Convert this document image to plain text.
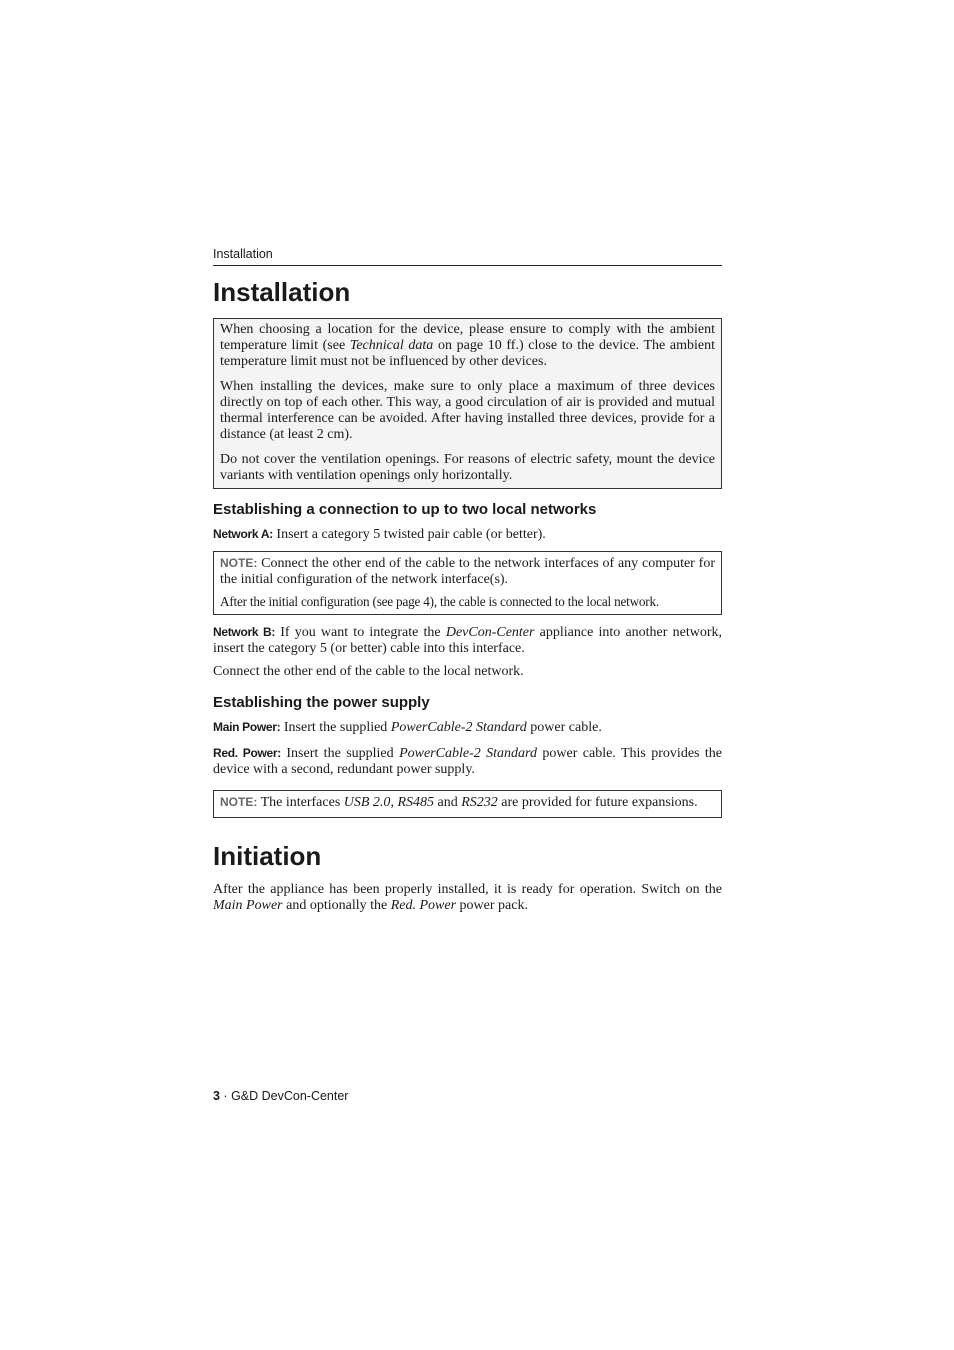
Installation
Installation

When choosing a location for the device, please ensure to comply with the ambient temperature limit (see Technical data on page 10 ff.) close to the device. The ambient temperature limit must not be influenced by other devices.

When installing the devices, make sure to only place a maximum of three devices directly on top of each other. This way, a good circulation of air is provided and mutual thermal interference can be avoided. After having installed three devices, provide for a distance (at least 2 cm).

Do not cover the ventilation openings. For reasons of electric safety, mount the device variants with ventilation openings only horizontally.

Establishing a connection to up to two local networks

Network A: Insert a category 5 twisted pair cable (or better).

NOTE: Connect the other end of the cable to the network interfaces of any computer for the initial configuration of the network interface(s).

After the initial configuration (see page 4), the cable is connected to the local network.

Network B: If you want to integrate the DevCon-Center appliance into another network, insert the category 5 (or better) cable into this interface.

Connect the other end of the cable to the local network.

Establishing the power supply

Main Power: Insert the supplied PowerCable-2 Standard power cable.

Red. Power: Insert the supplied PowerCable-2 Standard power cable. This provides the device with a second, redundant power supply.

NOTE: The interfaces USB 2.0, RS485 and RS232 are provided for future expansions.

Initiation

After the appliance has been properly installed, it is ready for operation. Switch on the Main Power and optionally the Red. Power power pack.

3 · G&D DevCon-Center
